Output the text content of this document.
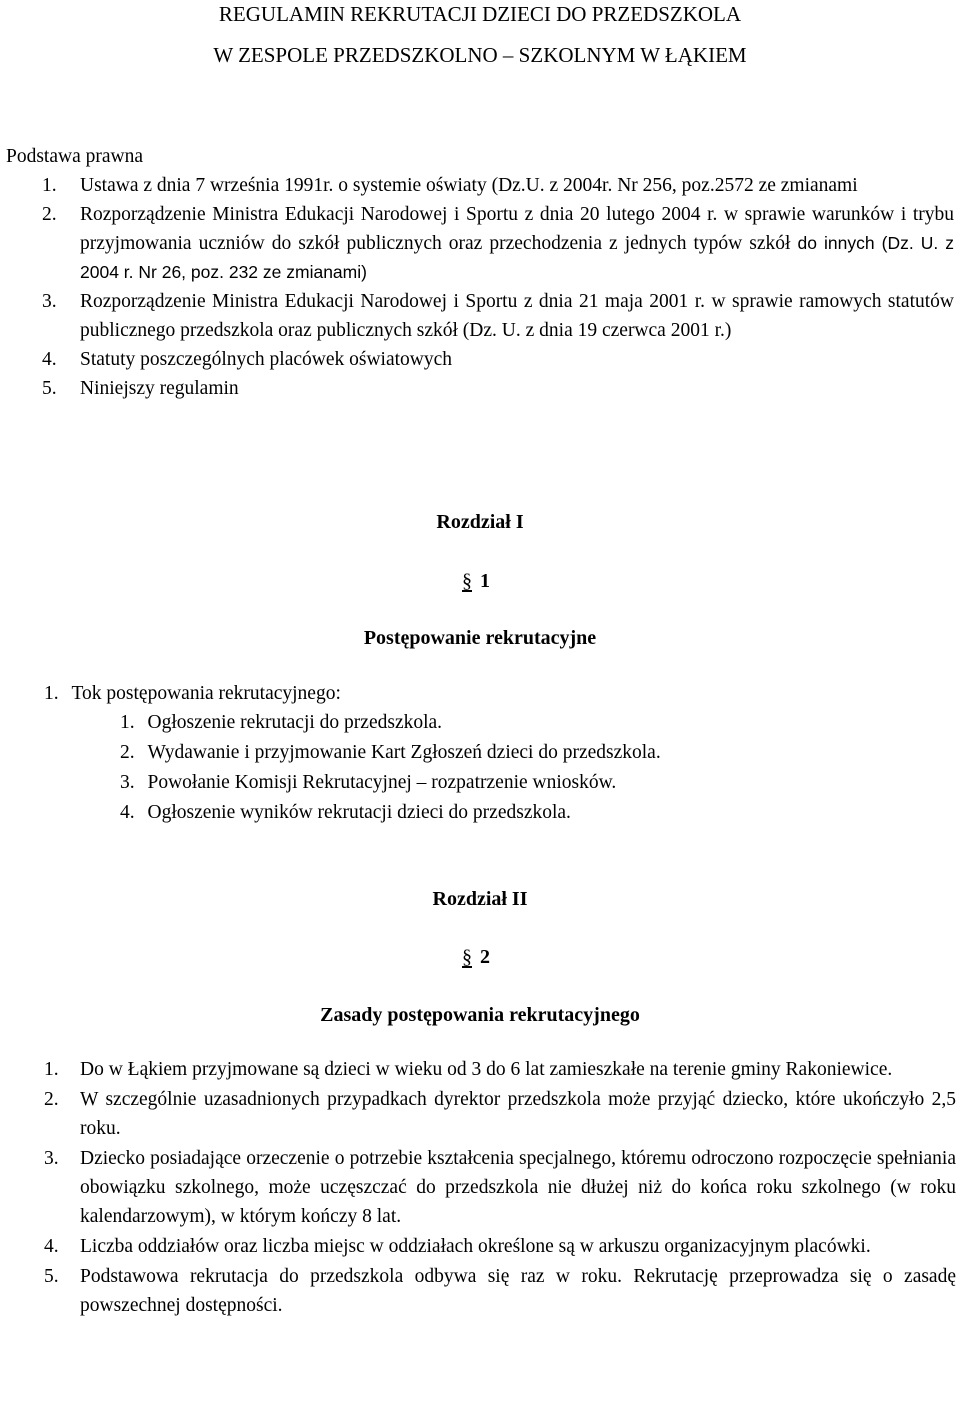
REGULAMIN REKRUTACJI DZIECI DO PRZEDSZKOLA
W ZESPOLE PRZEDSZKOLNO – SZKOLNYM W ŁĄKIEM
Podstawa prawna
1. Ustawa z dnia 7 września 1991r. o systemie oświaty (Dz.U. z 2004r. Nr 256, poz.2572 ze zmianami
2. Rozporządzenie Ministra Edukacji Narodowej i Sportu z dnia 20 lutego 2004 r. w sprawie warunków i trybu przyjmowania uczniów do szkół publicznych oraz przechodzenia z jednych typów szkół do innych (Dz. U. z 2004 r. Nr 26, poz. 232 ze zmianami)
3. Rozporządzenie Ministra Edukacji Narodowej i Sportu z dnia 21 maja 2001 r. w sprawie ramowych statutów publicznego przedszkola oraz publicznych szkół (Dz. U. z dnia 19 czerwca 2001 r.)
4. Statuty poszczególnych placówek oświatowych
5. Niniejszy regulamin
Rozdział I
§ 1
Postępowanie rekrutacyjne
1. Tok postępowania rekrutacyjnego:
1. Ogłoszenie rekrutacji do przedszkola.
2. Wydawanie i przyjmowanie Kart Zgłoszeń dzieci do przedszkola.
3. Powołanie Komisji Rekrutacyjnej – rozpatrzenie wniosków.
4. Ogłoszenie wyników rekrutacji dzieci do przedszkola.
Rozdział II
§ 2
Zasady postępowania rekrutacyjnego
1. Do w Łąkiem przyjmowane są dzieci w wieku od 3 do 6 lat zamieszkałe na terenie gminy Rakoniewice.
2. W szczególnie uzasadnionych przypadkach dyrektor przedszkola może przyjąć dziecko, które ukończyło 2,5 roku.
3. Dziecko posiadające orzeczenie o potrzebie kształcenia specjalnego, któremu odroczono rozpoczęcie spełniania obowiązku szkolnego, może uczęszczać do przedszkola nie dłużej niż do końca roku szkolnego (w roku kalendarzowym), w którym kończy 8 lat.
4. Liczba oddziałów oraz liczba miejsc w oddziałach określone są w arkuszu organizacyjnym placówki.
5. Podstawowa rekrutacja do przedszkola odbywa się raz w roku. Rekrutację przeprowadza się o zasadę powszechnej dostępności.
